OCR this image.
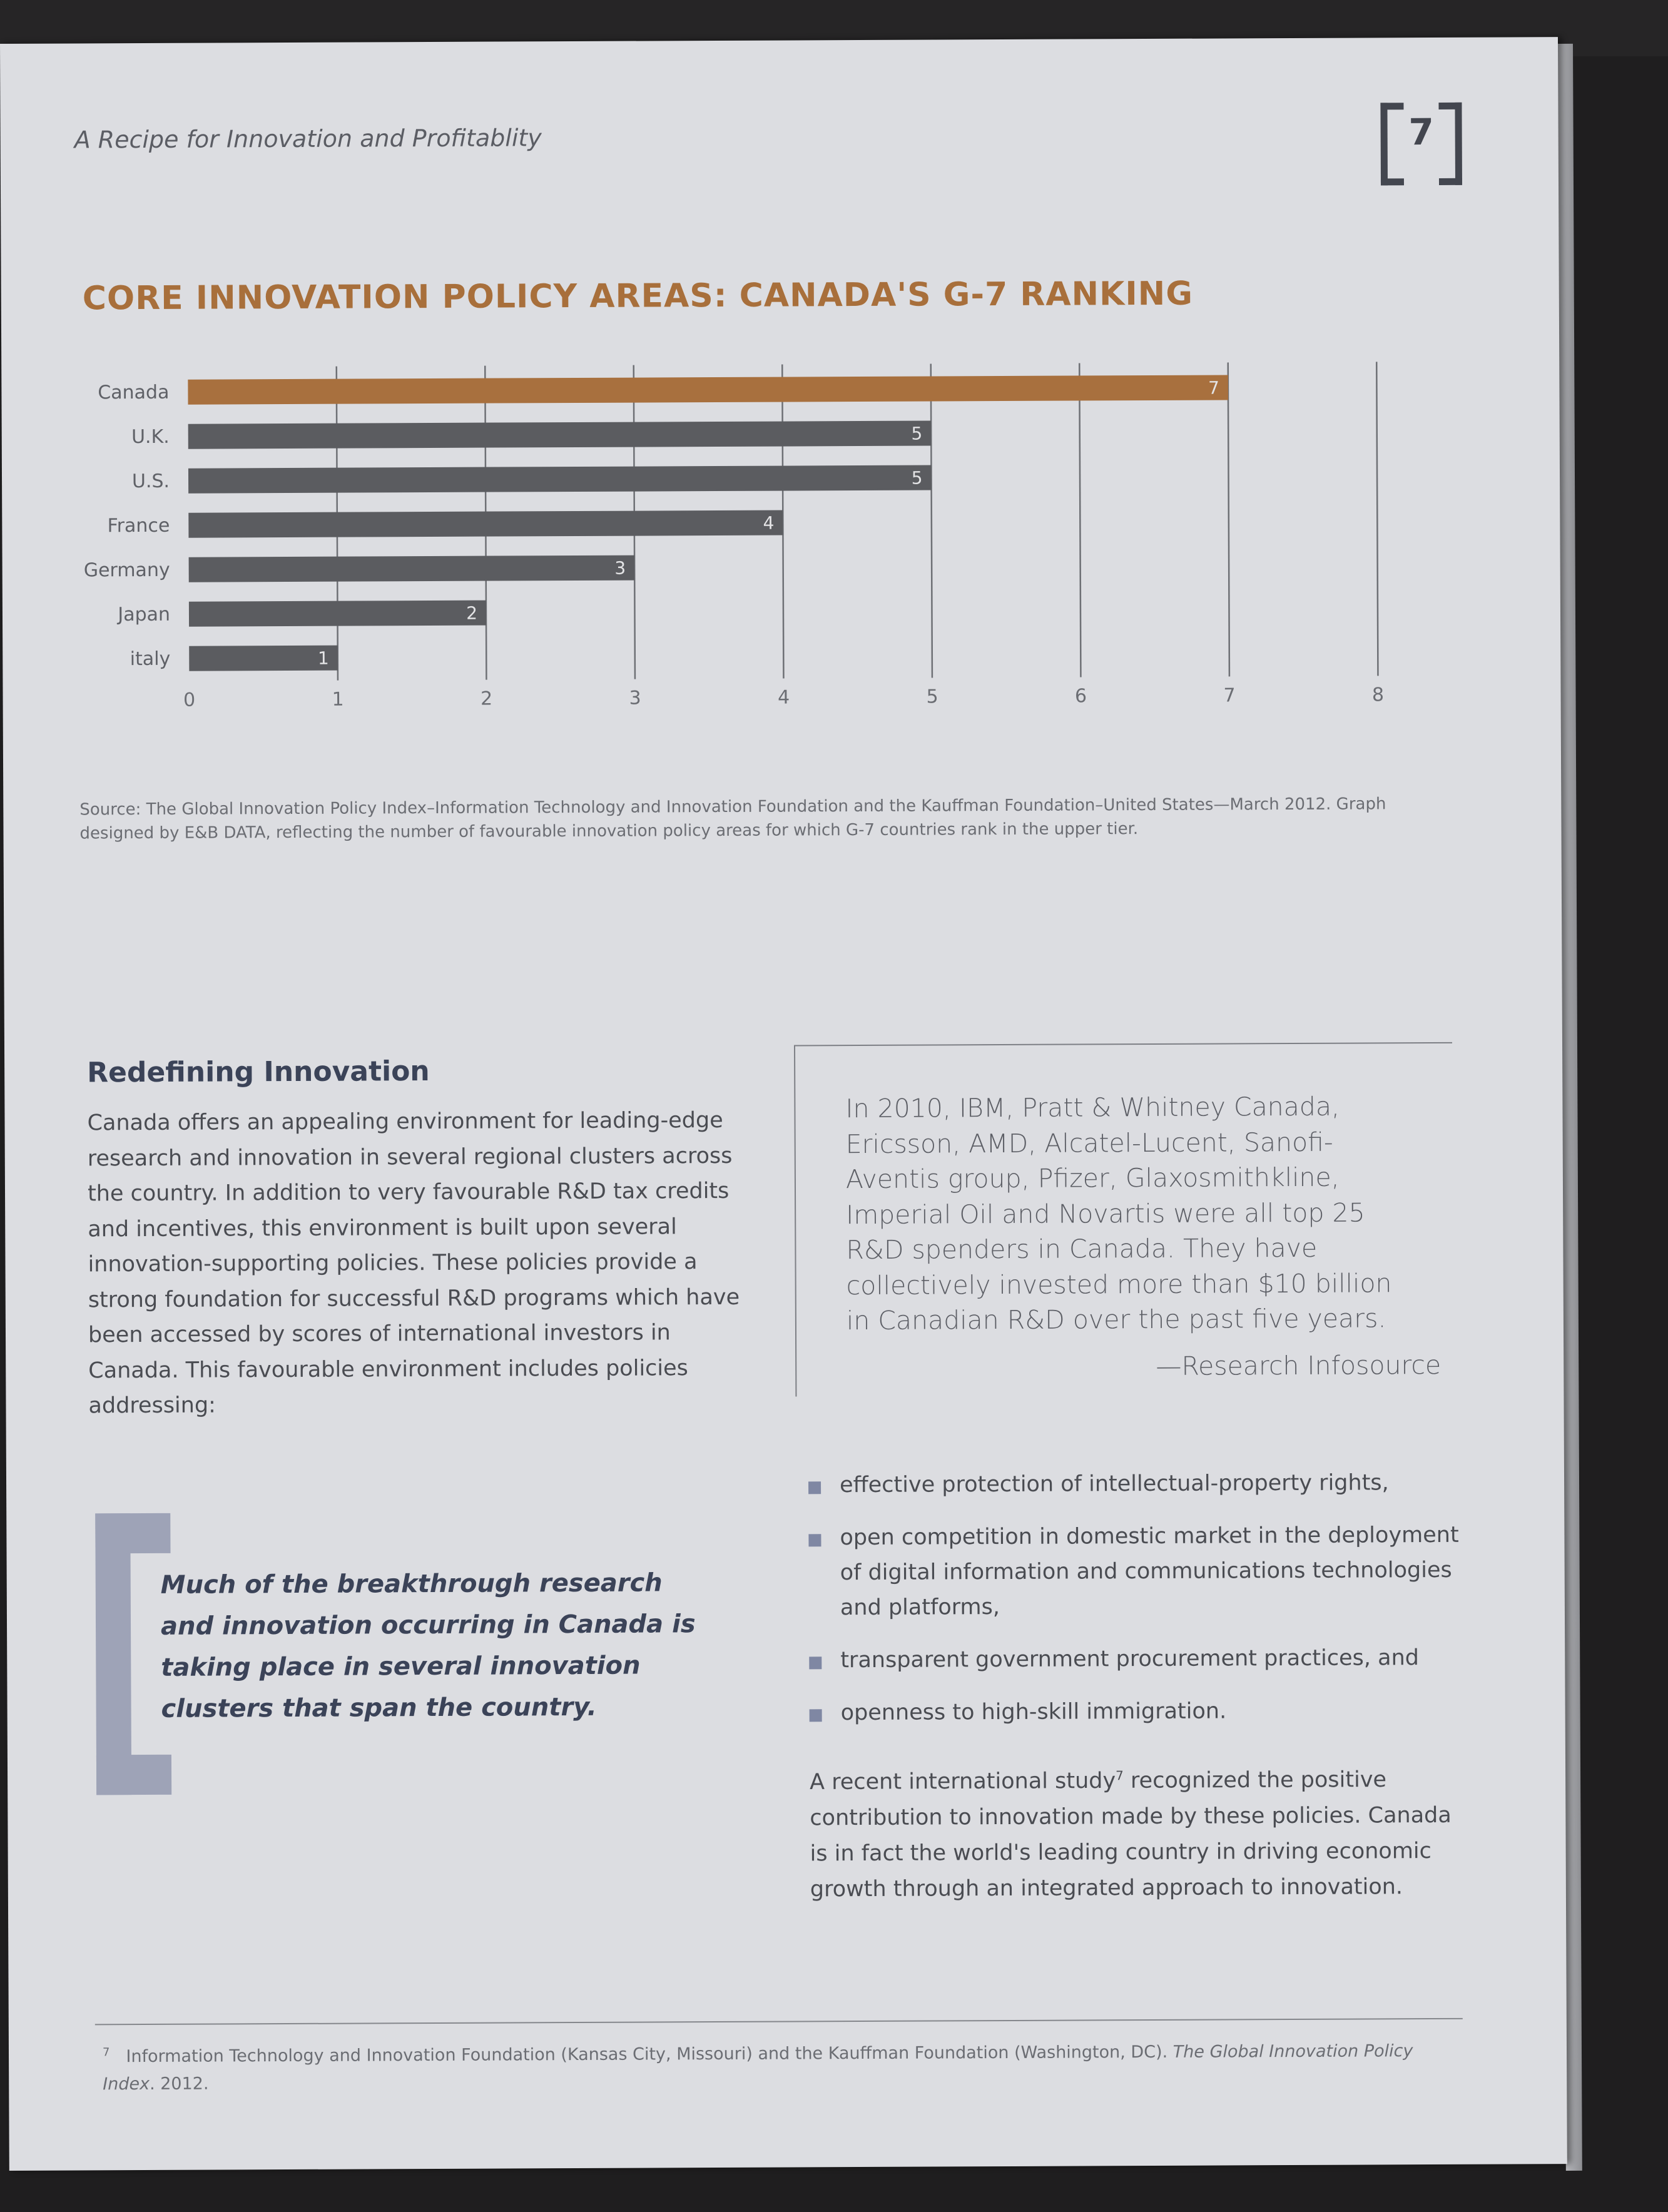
A Recipe for Innovation and Profitablity	7
CORE INNOVATION POLICY AREAS: CANADA'S G-7 RANKING
0	1	2	3	4	5	6	7	8
Canada	7
U.K.	5
U.S.	5
France	4
Germany	3
Japan	2
italy	1
Source: The Global Innovation Policy Index–Information Technology and Innovation Foundation and the Kauffman Foundation–United States—March 2012. Graph designed by E&B DATA, reflecting the number of favourable innovation policy areas for which G-7 countries rank in the upper tier.
Redefining Innovation

Canada offers an appealing environment for leading-edge research and innovation in several regional clusters across the country. In addition to very favourable R&D tax credits and incentives, this environment is built upon several innovation-supporting policies. These policies provide a strong foundation for successful R&D programs which have been accessed by scores of international investors in Canada. This favourable environment includes policies addressing:

In 2010, IBM, Pratt & Whitney Canada, Ericsson, AMD, Alcatel-Lucent, Sanofi-Aventis group, Pfizer, Glaxosmithkline, Imperial Oil and Novartis were all top 25 R&D spenders in Canada. They have collectively invested more than $10 billion in Canadian R&D over the past five years.

—Research Infosource

Much of the breakthrough research and innovation occurring in Canada is taking place in several innovation clusters that span the country.

effective protection of intellectual-property rights,
open competition in domestic market in the deployment of digital information and communications technologies and platforms,
transparent government procurement practices, and
openness to high-skill immigration.

A recent international study$^7$ recognized the positive contribution to innovation made by these policies. Canada is in fact the world's leading country in driving economic growth through an integrated approach to innovation.

$^7$ Information Technology and Innovation Foundation (Kansas City, Missouri) and the Kauffman Foundation (Washington, DC). The Global Innovation Policy Index. 2012.
